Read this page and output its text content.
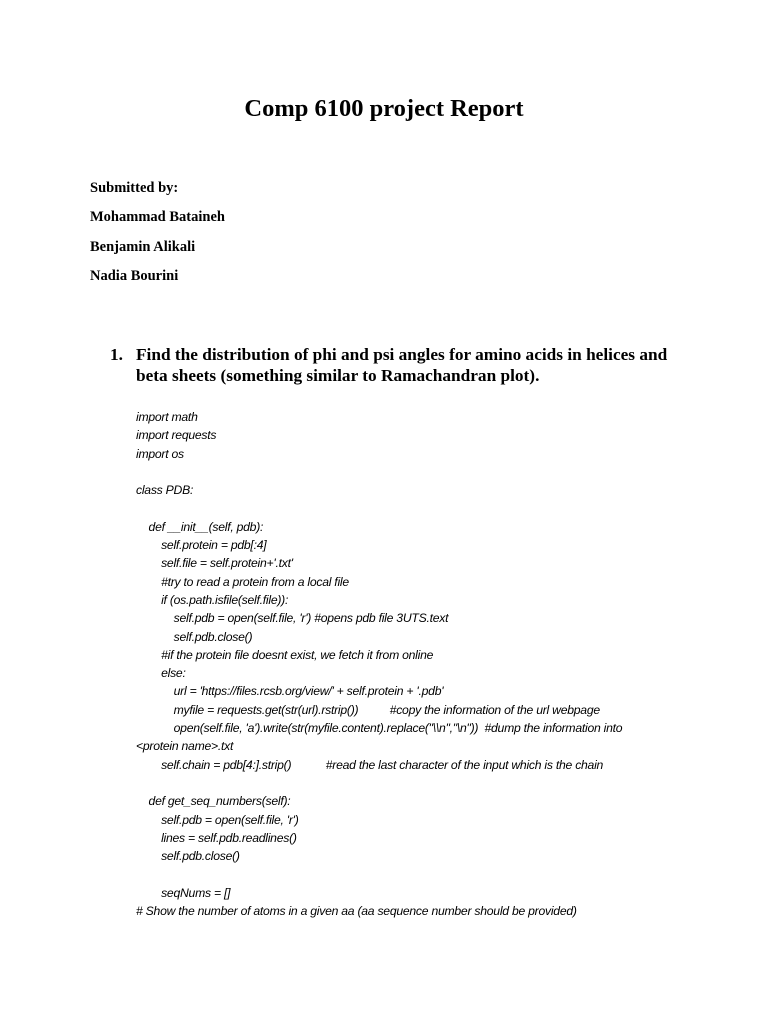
Comp 6100 project Report
Submitted by:
Mohammad Bataineh
Benjamin Alikali
Nadia Bourini
1. Find the distribution of phi and psi angles for amino acids in helices and
beta sheets (something similar to Ramachandran plot).
import math
import requests
import os
class PDB:
def __init__(self, pdb):
self.protein = pdb[:4]
self.file = self.protein+'.txt'
#try to read a protein from a local file
if (os.path.isfile(self.file)):
self.pdb = open(self.file, 'r') #opens pdb file 3UTS.text
self.pdb.close()
#if the protein file doesnt exist, we fetch it from online
else:
url = 'https://files.rcsb.org/view/' + self.protein + '.pdb'
myfile = requests.get(str(url).rstrip())          #copy the information of the url webpage
open(self.file, 'a').write(str(myfile.content).replace("\\n","\n"))  #dump the information into
<protein name>.txt
self.chain = pdb[4:].strip()           #read the last character of the input which is the chain
def get_seq_numbers(self):
self.pdb = open(self.file, 'r')
lines = self.pdb.readlines()
self.pdb.close()
seqNums = []
# Show the number of atoms in a given aa (aa sequence number should be provided)
